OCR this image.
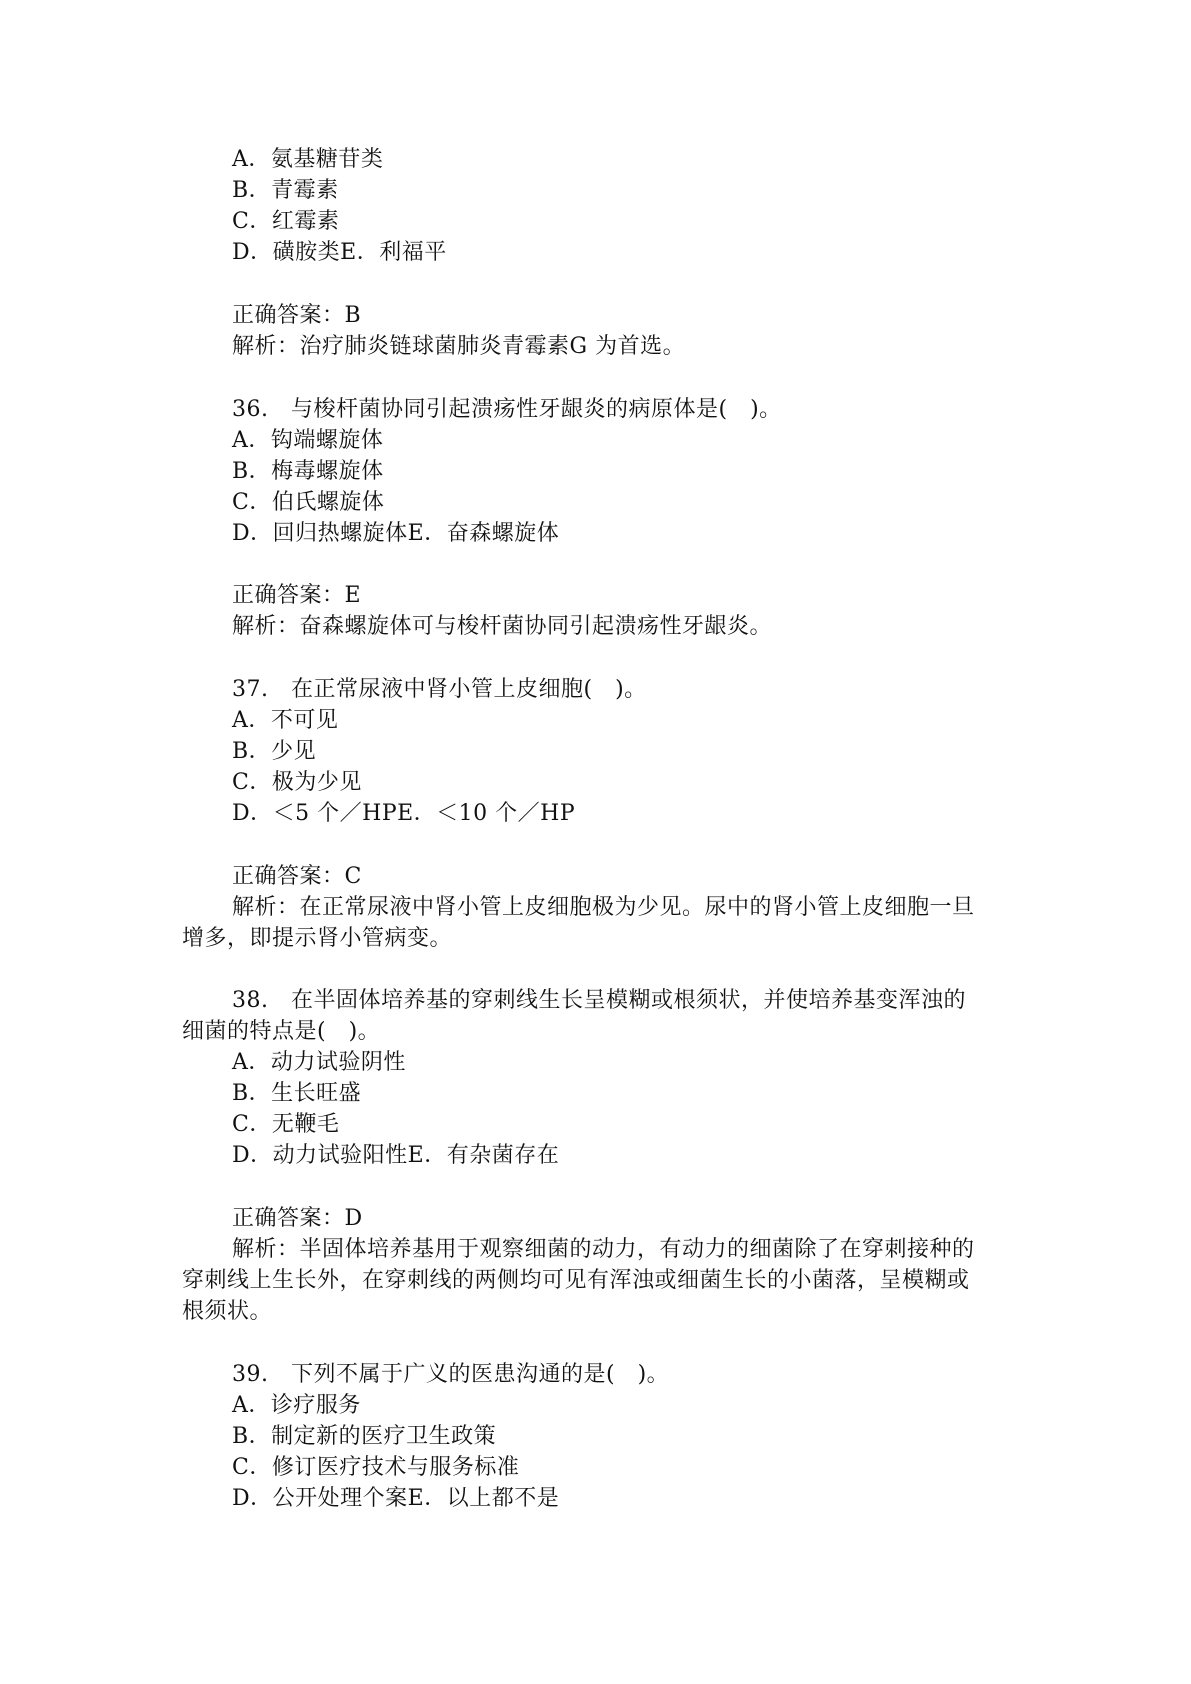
A．氨基糖苷类
B．青霉素
C．红霉素
D．磺胺类E．利福平
正确答案：B
解析：治疗肺炎链球菌肺炎青霉素G 为首选。
36.　与梭杆菌协同引起溃疡性牙龈炎的病原体是(　)。
A．钩端螺旋体
B．梅毒螺旋体
C．伯氏螺旋体
D．回归热螺旋体E．奋森螺旋体
正确答案：E
解析：奋森螺旋体可与梭杆菌协同引起溃疡性牙龈炎。
37.　在正常尿液中肾小管上皮细胞(　)。
A．不可见
B．少见
C．极为少见
D．＜5 个／HPE．＜10 个／HP
正确答案：C
解析：在正常尿液中肾小管上皮细胞极为少见。尿中的肾小管上皮细胞一旦
增多，即提示肾小管病变。
38.　在半固体培养基的穿刺线生长呈模糊或根须状，并使培养基变浑浊的
细菌的特点是(　)。
A．动力试验阴性
B．生长旺盛
C．无鞭毛
D．动力试验阳性E．有杂菌存在
正确答案：D
解析：半固体培养基用于观察细菌的动力，有动力的细菌除了在穿刺接种的
穿刺线上生长外，在穿刺线的两侧均可见有浑浊或细菌生长的小菌落，呈模糊或
根须状。
39.　下列不属于广义的医患沟通的是(　)。
A．诊疗服务
B．制定新的医疗卫生政策
C．修订医疗技术与服务标准
D．公开处理个案E．以上都不是
